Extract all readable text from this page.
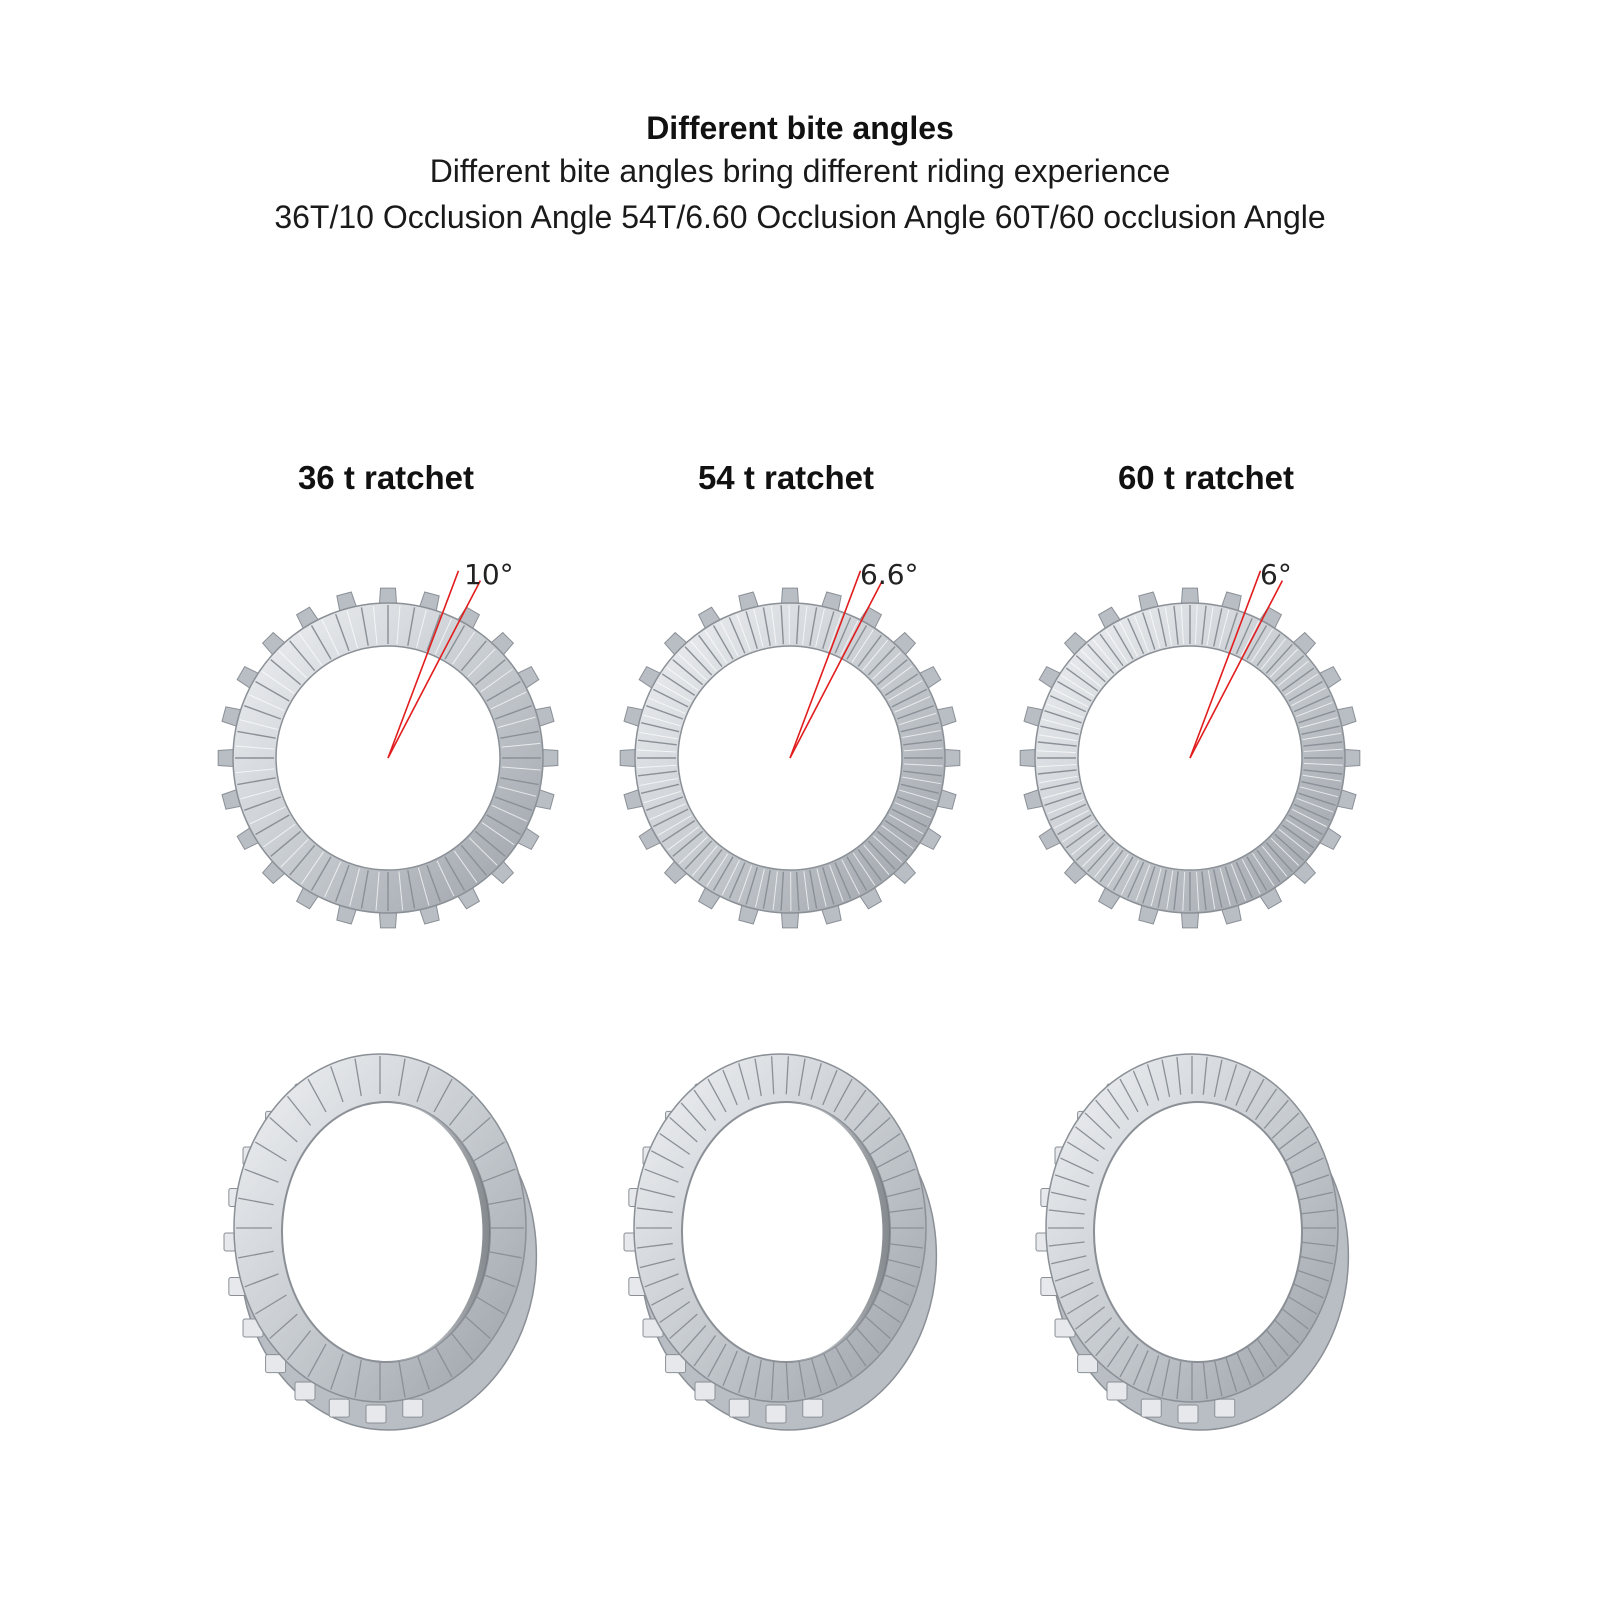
Different bite angles

Different bite angles bring different riding experience

36T/10 Occlusion Angle 54T/6.60 Occlusion Angle 60T/60 occlusion Angle

36 t ratchet	54 t ratchet	60 t ratchet
10°	6.6°	6°
